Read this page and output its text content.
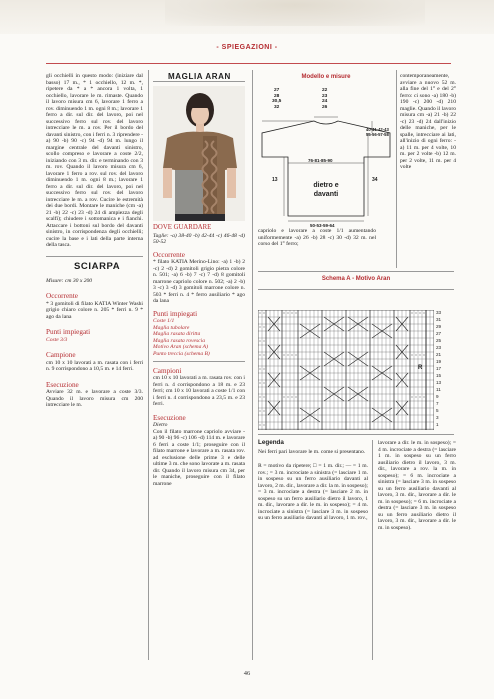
- SPIEGAZIONI -

gli occhielli in questo modo: (iniziare dal basso) 17 m., * 1 occhiello, 12 m. *, ripetere da * a * ancora 1 volta, 1 occhiello, lavorare le m. rimaste. Quando il lavoro misura cm 6, lavorare 1 ferro a rov. diminuendo 1 m. ogni 8 m.; lavorare 1 ferro a dir. sul dir. del lavoro, poi nel successivo ferro sul rov. del lavoro intrecciare le m. a rov. Per il bordo del davanti sinistro, con i ferri n. 3 riprendere -a) 90 -b) 90 -c) 94 -d) 94 m. lungo il margine centrale del davanti sinistro, scollo compreso e lavorare a coste 2/2, iniziando con 3 m. dir. e terminando con 3 m. rov. Quando il lavoro misura cm 6, lavorare 1 ferro a rov. sul rov. del lavoro diminuendo 1 m. ogni 8 m.; lavorare 1 ferro a dir. sul dir. del lavoro, poi nel successivo ferro sul rov. del lavoro intrecciare le m. a rov. Cucire le estremità dei due bordi. Montare le maniche (cm -a) 21 -b) 22 -c) 23 -d) 24 di ampiezza degli scalfi); chiudere i sottomanica e i fianchi. Attaccare i bottoni sul bordo del davanti sinistro, in corrispondenza degli occhielli; cucire la base e i lati della parte interna della tasca.

SCIARPA

Misure: cm 30 x 200

Occorrente

* 3 gomitoli di filato KATIA Winter Washi grigio chiaro colore n. 205 * ferri n. 9 * ago da lana

Punti impiegati

Coste 3/3

Campione

cm 10 x 10 lavorati a m. rasata con i ferri n. 9 corrispondono a 10,5 m. e 14 ferri.

Esecuzione

Avviare 32 m. e lavorare a coste 3/3. Quando il lavoro misura cm 200 intrecciare le m.

MAGLIA ARAN
DOVE GUARDARE

Taglie: -a) 38-40 -b) 42-44 -c) 46-48 -d) 50-52

Occorrente

* filato KATIA Merino-Lino: -a) 1 -b) 2 -c) 2 -d) 2 gomitoli grigio pietra colore n. 501; -a) 6 -b) 7 -c) 7 -d) 8 gomitoli marrone capriolo colore n. 502; -a) 2 -b) 3 -c) 3 -d) 3 gomitoli marrone colore n. 503 * ferri n. 4 * ferro ausiliario * ago da lana

Punti impiegati
Coste 1/1
Maglia tubolare
Maglia rasata diritta
Maglia rasata rovescia
Motivo Aran (schema A)
Punto treccia (schema B)
Campioni

cm 10 x 10 lavorati a m. rasata rov. con i ferri n. 4 corrispondono a 18 m. e 23 ferri; cm 10 x 10 lavorati a coste 1/1 con i ferri n. 4 corrispondono a 23,5 m. e 23 ferri.

Esecuzione
Dietro

Con il filato marrone capriolo avviare -a) 90 -b) 96 -c) 106 -d) 114 m. e lavorare 6 ferri a coste 1/1; proseguire con il filato marrone e lavorare a m. rasata rov. ad esclusione delle prime 3 e delle ultime 3 m. che sono lavorate a m. rasata dir. Quando il lavoro misura cm 34, per le maniche, proseguire con il filato marrone

Modello e misure
27
28
30,5
32
22
23
24
26
40-41-42-43
55-56-57-58
76-81-85-90
13	34
dietro e davanti
50-53-59-64

capriolo e lavorare a coste 1/1 aumentando uniformemente -a) 26 -b) 28 -c) 30 -d) 32 m. nel corso del 1° ferro;

contemporaneamente, avviare a nuovo 52 m. alla fine del 1° e del 2° ferro: ci sono -a) 180 -b) 190 -c) 200 -d) 210 maglie. Quando il lavoro misura cm -a) 21 -b) 22 -c) 23 -d) 24 dall'inizio delle maniche, per le spalle, intrecciare ai lati, all'inizio di ogni ferro: -a) 11 m. per 4 volte, 10 m. per 2 volte -b) 12 m. per 2 volte, 11 m. per 4 volte

Schema A - Motivo Aran
R
33
31
29
27
25
23
21
19
17
15
13
11
9
7
5
3
1
Legenda

Nei ferri pari lavorare le m. come si presentano.

R = motivo da ripetere; □ = 1 m. dir.; — = 1 m. rov.; = 3 m. incrociate a sinistra (= lasciare 1 m. in sospeso su un ferro ausiliario davanti al lavoro, 2 m. dir., lavorare a dir. la m. in sospeso); = 3 m. incrociate a destra (= lasciare 2 m. in sospeso su un ferro ausiliario dietro il lavoro, 1 m. dir., lavorare a dir. le m. in sospeso); = 4 m. incrociate a sinistra (= lasciare 3 m. in sospeso su un ferro ausiliario davanti al lavoro, 1 m. rov.,

lavorare a dir. le m. in sospeso); = 4 m. incrociate a destra (= lasciare 1 m. in sospeso su un ferro ausiliario dietro il lavoro, 3 m. dir., lavorare a rov. la m. in sospeso); = 6 m. incrociate a sinistra (= lasciare 3 m. in sospeso su un ferro ausiliario davanti al lavoro, 3 m. dir., lavorare a dir. le m. in sospeso); = 6 m. incrociate a destra (= lasciare 3 m. in sospeso su un ferro ausiliario dietro il lavoro, 3 m. dir., lavorare a dir. le m. in sospeso).

46
